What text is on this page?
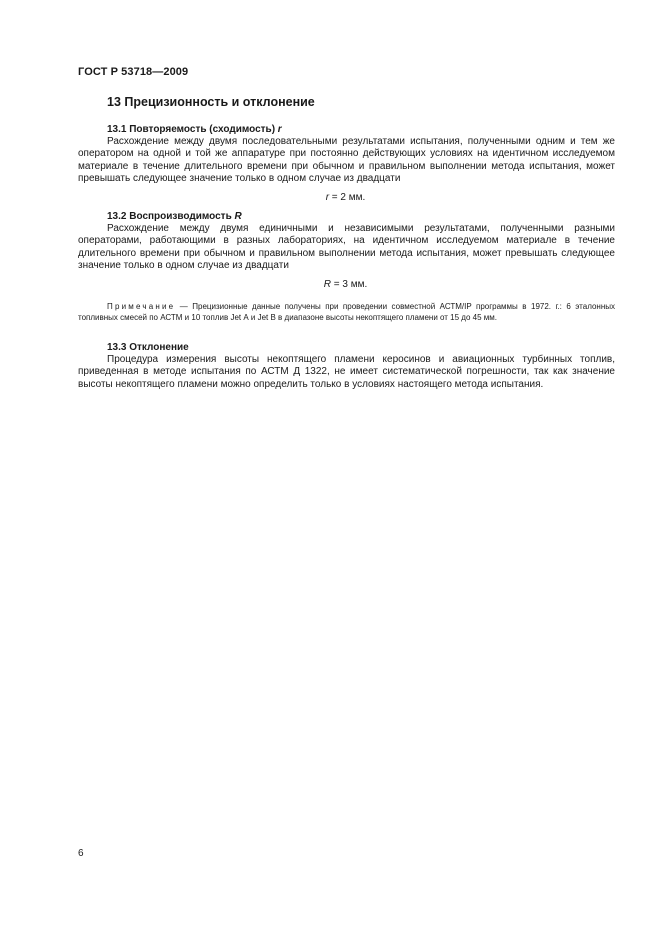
ГОСТ Р 53718—2009
13 Прецизионность и отклонение
13.1 Повторяемость (сходимость) r

Расхождение между двумя последовательными результатами испытания, полученными одним и тем же оператором на одной и той же аппаратуре при постоянно действующих условиях на идентичном исследуемом материале в течение длительного времени при обычном и правильном выполнении метода испытания, может превышать следующее значение только в одном случае из двадцати

r = 2 мм.
13.2 Воспроизводимость R

Расхождение между двумя единичными и независимыми результатами, полученными разными операторами, работающими в разных лабораториях, на идентичном исследуемом материале в течение длительного времени при обычном и правильном выполнении метода испытания, может превышать следующее значение только в одном случае из двадцати

R = 3 мм.

Примечание — Прецизионные данные получены при проведении совместной АСТМ/IP программы в 1972. г.: 6 эталонных топливных смесей по АСТМ и 10 топлив Jet А и Jet В в диапазоне высоты некоптящего пламени от 15 до 45 мм.

13.3 Отклонение

Процедура измерения высоты некоптящего пламени керосинов и авиационных турбинных топлив, приведенная в методе испытания по АСТМ Д 1322, не имеет систематической погрешности, так как значение высоты некоптящего пламени можно определить только в условиях настоящего метода испытания.

6
